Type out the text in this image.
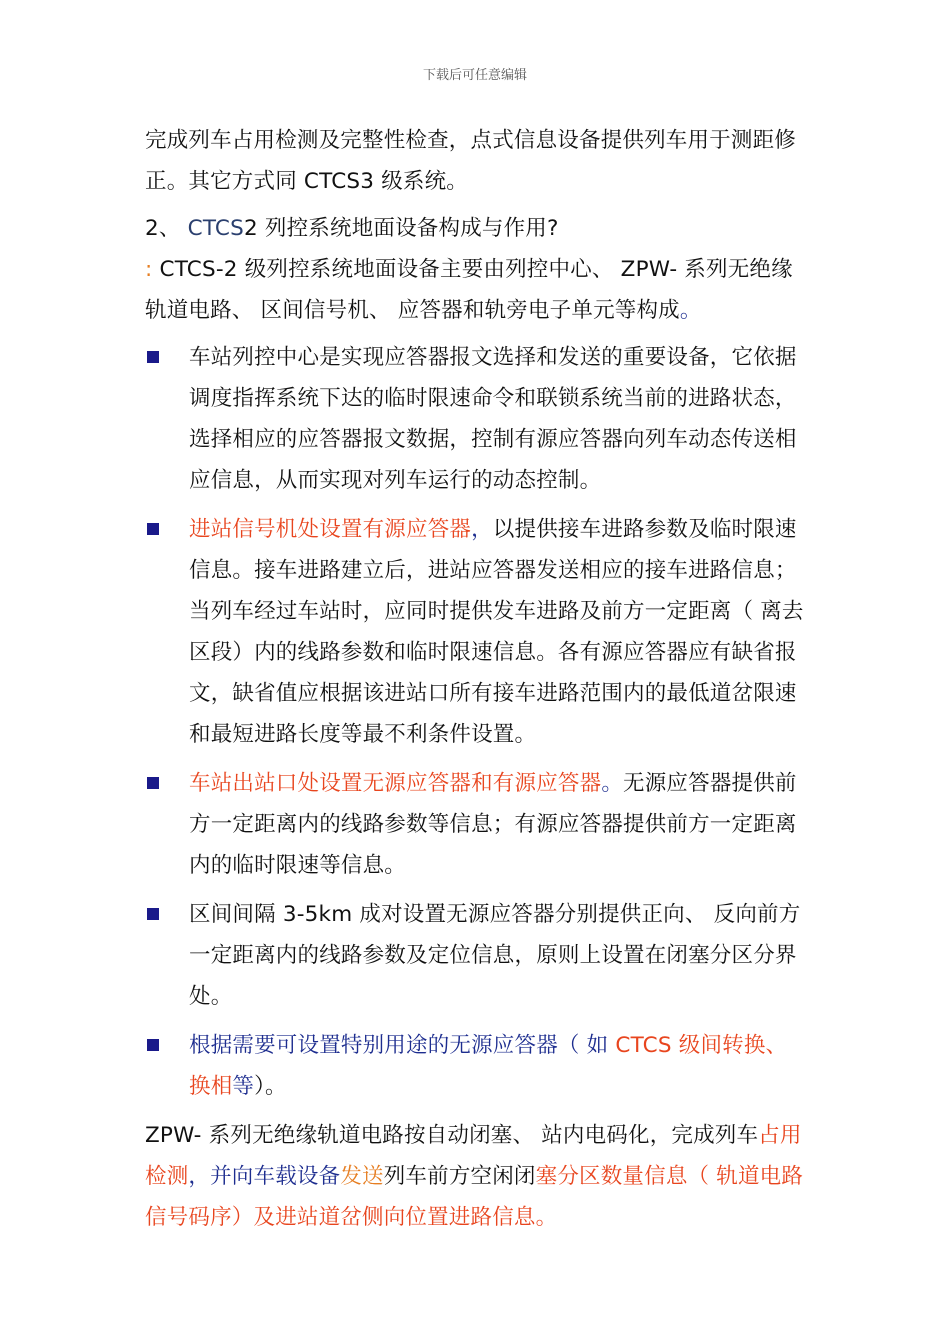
下载后可任意编辑

完成列车占用检测及完整性检查，点式信息设备提供列车用于测距修正。其它方式同 CTCS3 级系统。

2、 CTCS2 列控系统地面设备构成与作用?

: CTCS-2 级列控系统地面设备主要由列控中心、 ZPW- 系列无绝缘轨道电路、 区间信号机、 应答器和轨旁电子单元等构成。

车站列控中心是实现应答器报文选择和发送的重要设备，它依据调度指挥系统下达的临时限速命令和联锁系统当前的进路状态，选择相应的应答器报文数据，控制有源应答器向列车动态传送相应信息，从而实现对列车运行的动态控制。

进站信号机处设置有源应答器，以提供接车进路参数及临时限速信息。接车进路建立后，进站应答器发送相应的接车进路信息；当列车经过车站时，应同时提供发车进路及前方一定距离（ 离去区段）内的线路参数和临时限速信息。各有源应答器应有缺省报文，缺省值应根据该进站口所有接车进路范围内的最低道岔限速和最短进路长度等最不利条件设置。

车站出站口处设置无源应答器和有源应答器。无源应答器提供前方一定距离内的线路参数等信息；有源应答器提供前方一定距离内的临时限速等信息。

区间间隔 3-5km 成对设置无源应答器分别提供正向、 反向前方一定距离内的线路参数及定位信息，原则上设置在闭塞分区分界处。

根据需要可设置特别用途的无源应答器（ 如 CTCS 级间转换、换相等）。

ZPW- 系列无绝缘轨道电路按自动闭塞、 站内电码化，完成列车占用检测，并向车载设备发送列车前方空闲闭塞分区数量信息（ 轨道电路信号码序）及进站道岔侧向位置进路信息。
